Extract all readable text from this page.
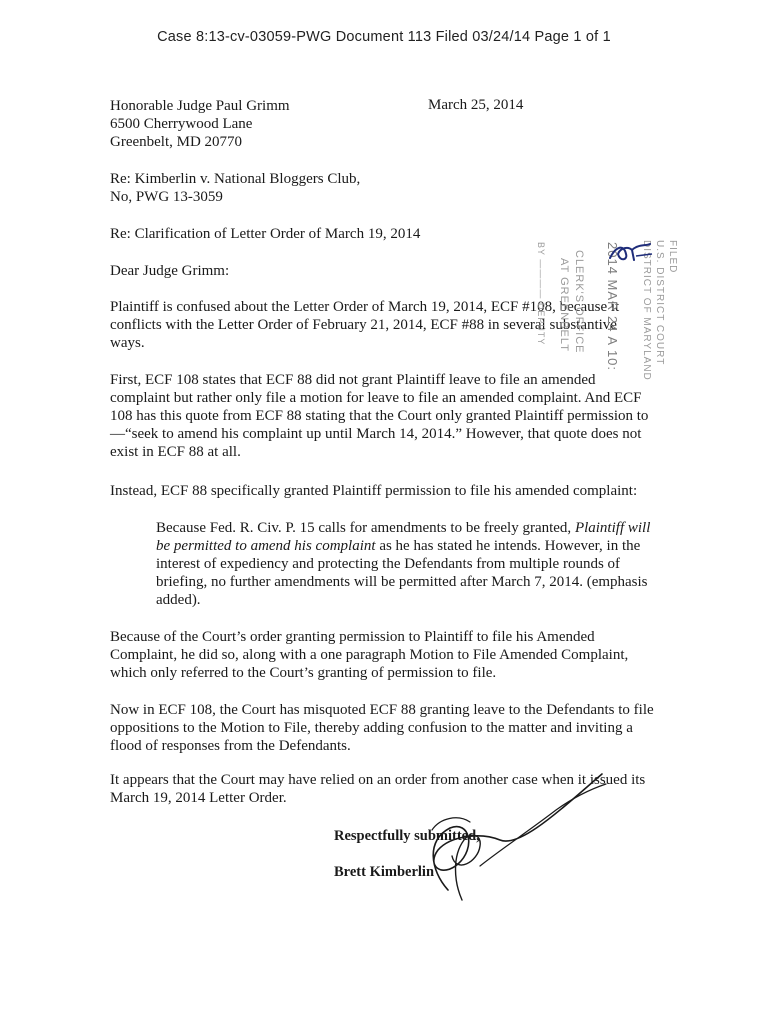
Case 8:13-cv-03059-PWG Document 113 Filed 03/24/14 Page 1 of 1
Honorable Judge Paul Grimm
6500 Cherrywood Lane
Greenbelt, MD 20770
March 25, 2014
Re: Kimberlin v. National Bloggers Club,
No, PWG 13-3059
Re: Clarification of Letter Order of March 19, 2014
Dear Judge Grimm:
Plaintiff is confused about the Letter Order of March 19, 2014, ECF #108, because it conflicts with the Letter Order of February 21, 2014, ECF #88 in several substantive ways.
First, ECF 108 states that ECF 88 did not grant Plaintiff leave to file an amended complaint but rather only file a motion for leave to file an amended complaint. And ECF 108 has this quote from ECF 88 stating that the Court only granted Plaintiff permission to —“seek to amend his complaint up until March 14, 2014.” However, that quote does not exist in ECF 88 at all.
Instead, ECF 88 specifically granted Plaintiff permission to file his amended complaint:
Because Fed. R. Civ. P. 15 calls for amendments to be freely granted, Plaintiff will be permitted to amend his complaint as he has stated he intends. However, in the interest of expediency and protecting the Defendants from multiple rounds of briefing, no further amendments will be permitted after March 7, 2014. (emphasis added).
Because of the Court’s order granting permission to Plaintiff to file his Amended Complaint, he did so, along with a one paragraph Motion to File Amended Complaint, which only referred to the Court’s granting of permission to file.
Now in ECF 108, the Court has misquoted ECF 88 granting leave to the Defendants to file oppositions to the Motion to File, thereby adding confusion to the matter and inviting a flood of responses from the Defendants.
It appears that the Court may have relied on an order from another case when it issued its March 19, 2014 Letter Order.
Respectfully submitted,
Brett Kimberlin
FILED
U.S. DISTRICT COURT
DISTRICT OF MARYLAND
2014 MAR 24 A 10:
CLERK'S OFFICE
AT GREENBELT
BY ———— DEPUTY
